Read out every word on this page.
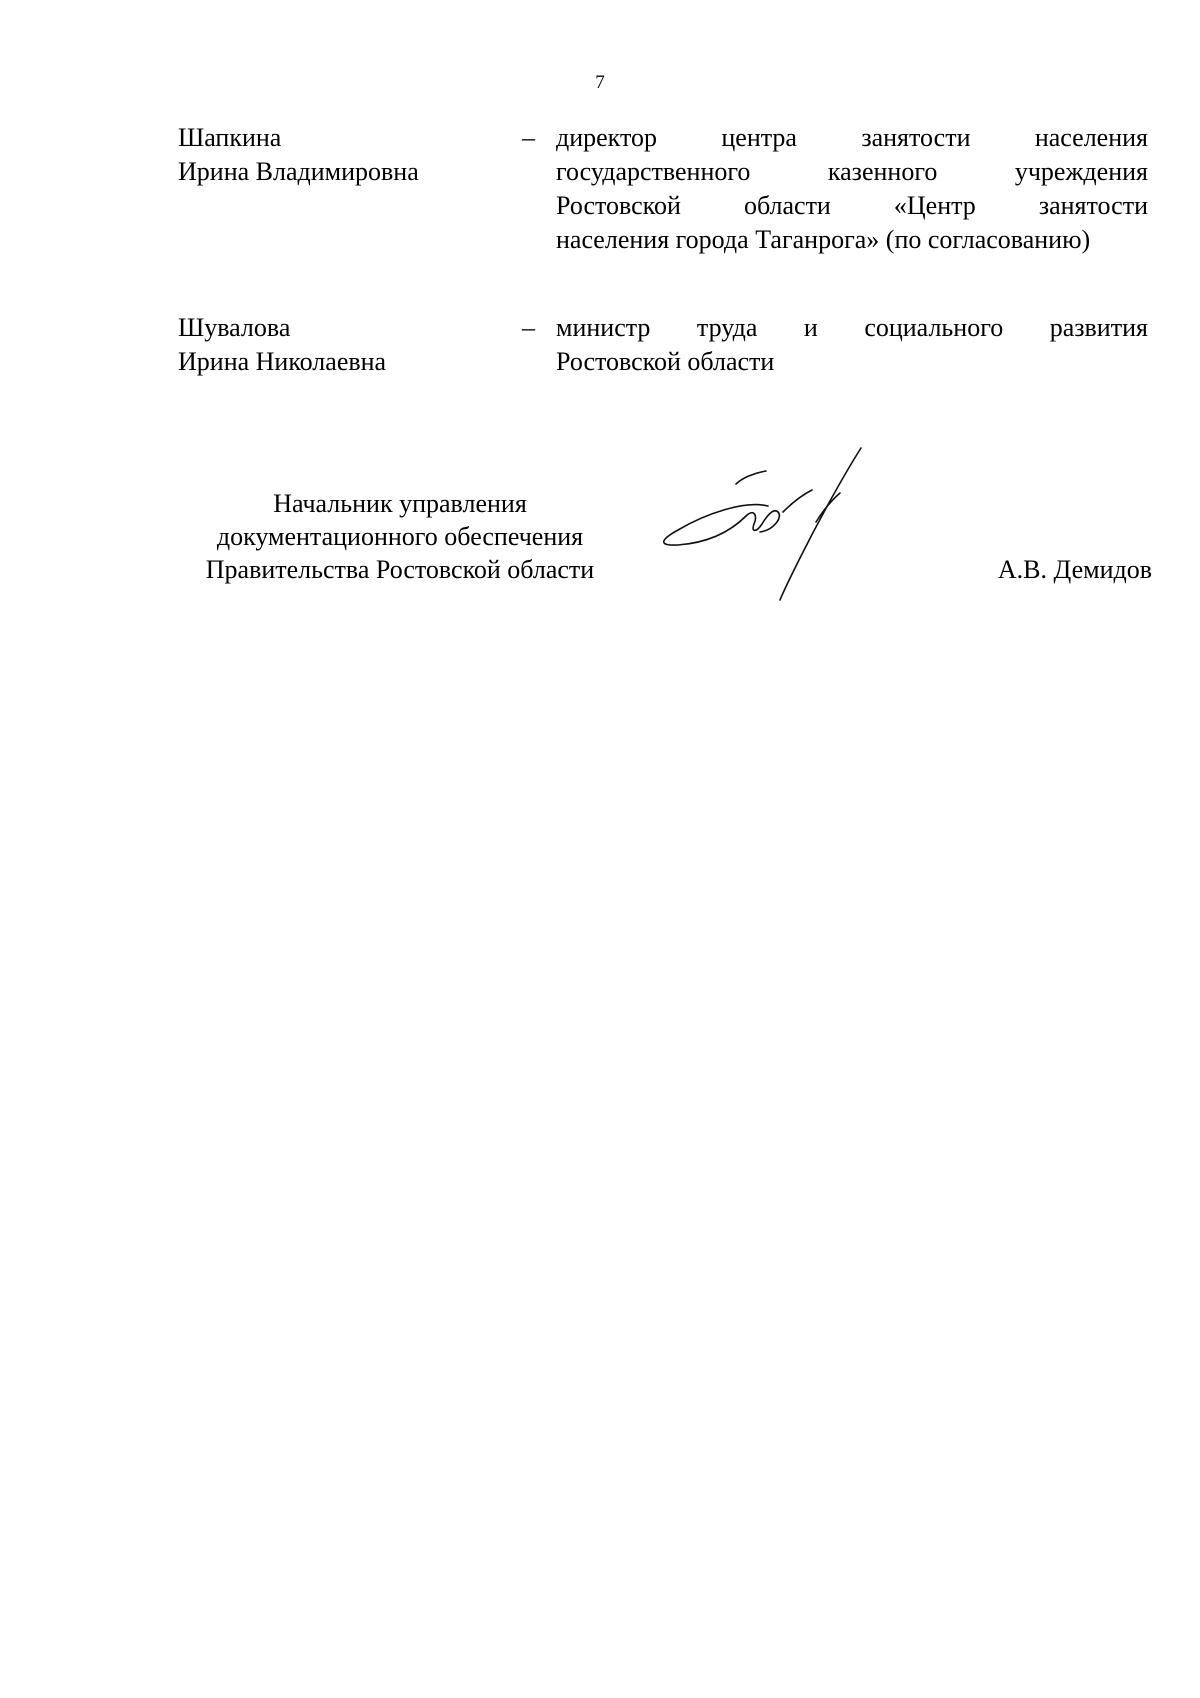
7
Шапкина
Ирина Владимировна
– директор центра занятости населения
государственного	казенного	учреждения
Ростовской области «Центр занятости
населения города Таганрога» (по согласованию)
Шувалова
Ирина Николаевна
– министр труда и социального развития
Ростовской области
Начальник управления
документационного обеспечения
Правительства Ростовской области	А.В. Демидов
